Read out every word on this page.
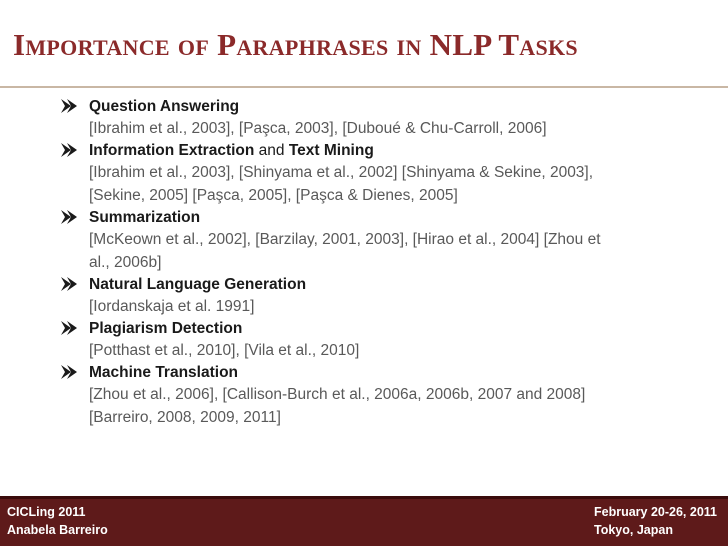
Importance of Paraphrases in NLP Tasks
Question Answering
[Ibrahim et al., 2003], [Paşca, 2003], [Duboué & Chu-Carroll, 2006]
Information Extraction and Text Mining
[Ibrahim et al., 2003], [Shinyama et al., 2002] [Shinyama & Sekine, 2003],
[Sekine, 2005] [Paşca, 2005], [Paşca & Dienes, 2005]
Summarization
[McKeown et al., 2002], [Barzilay, 2001, 2003], [Hirao et al., 2004] [Zhou et
al., 2006b]
Natural Language Generation
[Iordanskaja et al. 1991]
Plagiarism Detection
[Potthast et al., 2010], [Vila et al., 2010]
Machine Translation
[Zhou et al., 2006], [Callison-Burch et al., 2006a, 2006b, 2007 and 2008]
[Barreiro, 2008, 2009, 2011]
CICLing 2011
Anabela Barreiro
February 20-26, 2011
Tokyo, Japan
